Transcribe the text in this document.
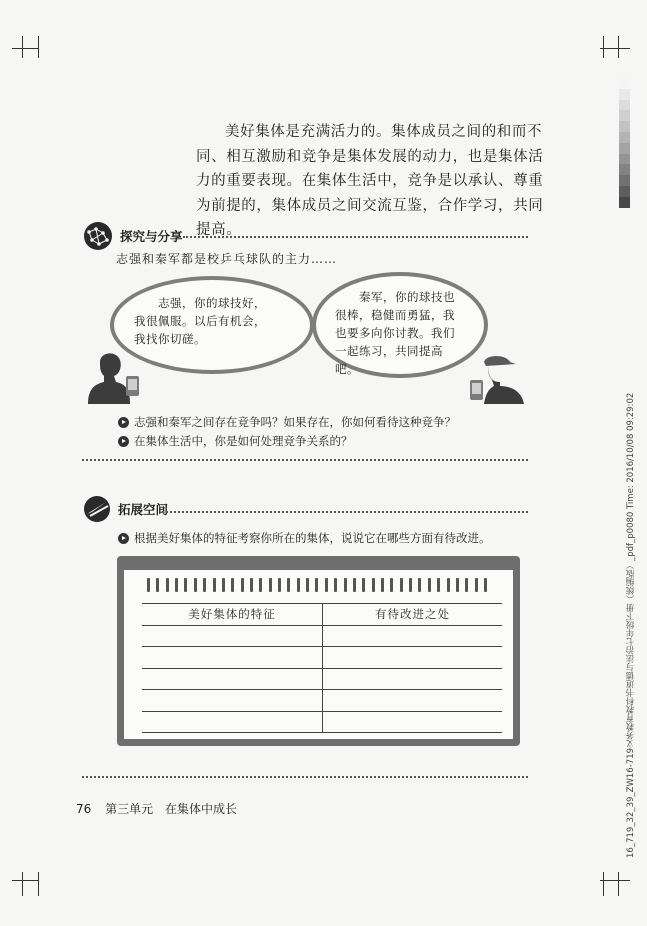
16_719_32_39_ZW16-719义务教育教科书道德与法治七年级下册（统编版）_pdf_p0080 Time: 2016/10/08 09:29:02

美好集体是充满活力的。集体成员之间的和而不同、相互激励和竞争是集体发展的动力，也是集体活力的重要表现。在集体生活中，竞争是以承认、尊重为前提的，集体成员之间交流互鉴，合作学习，共同提高。

探究与分享
志强和秦军都是校乒乓球队的主力……
志强，你的球技好，我很佩服。以后有机会，我找你切磋。
秦军，你的球技也很棒，稳健而勇猛，我也要多向你讨教。我们一起练习，共同提高吧。
志强和秦军之间存在竞争吗？如果存在，你如何看待这种竞争？
在集体生活中，你是如何处理竞争关系的？
拓展空间
根据美好集体的特征考察你所在的集体，说说它在哪些方面有待改进。
美好集体的特征	有待改进之处

76 第三单元 在集体中成长
